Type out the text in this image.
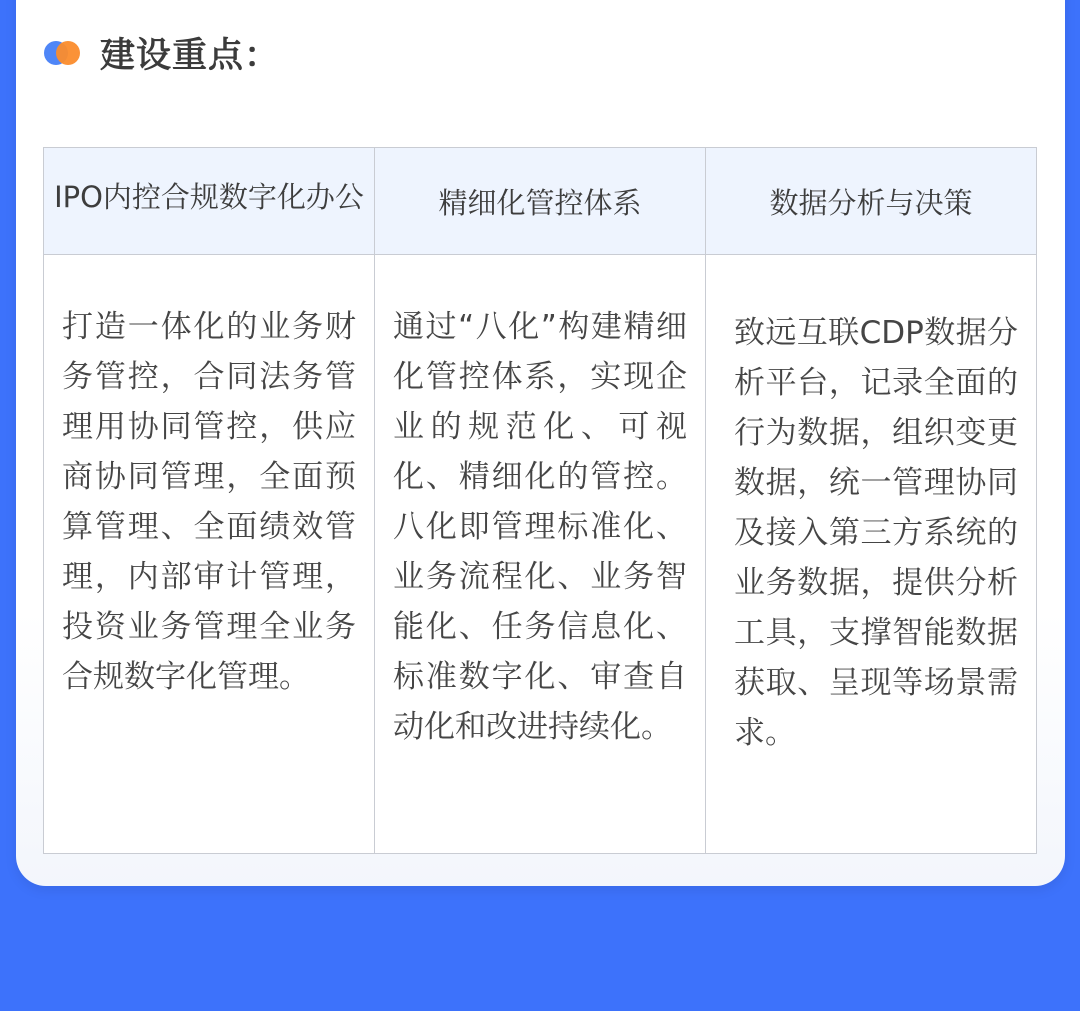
建设重点：
IPO内控合规数字化办公	精细化管控体系	数据分析与决策
打造一体化的业务财务管控，合同法务管理用协同管控，供应商协同管理，全面预算管理、全面绩效管理，内部审计管理，投资业务管理全业务合规数字化管理。	通过“八化”构建精细化管控体系，实现企业的规范化、可视化、精细化的管控。 八化即管理标准化、业务流程化、业务智能化、任务信息化、标准数字化、审查自动化和改进持续化。	致远互联CDP数据分析平台，记录全面的行为数据，组织变更数据，统一管理协同及接入第三方系统的业务数据，提供分析工具，支撑智能数据获取、呈现等场景需求。
